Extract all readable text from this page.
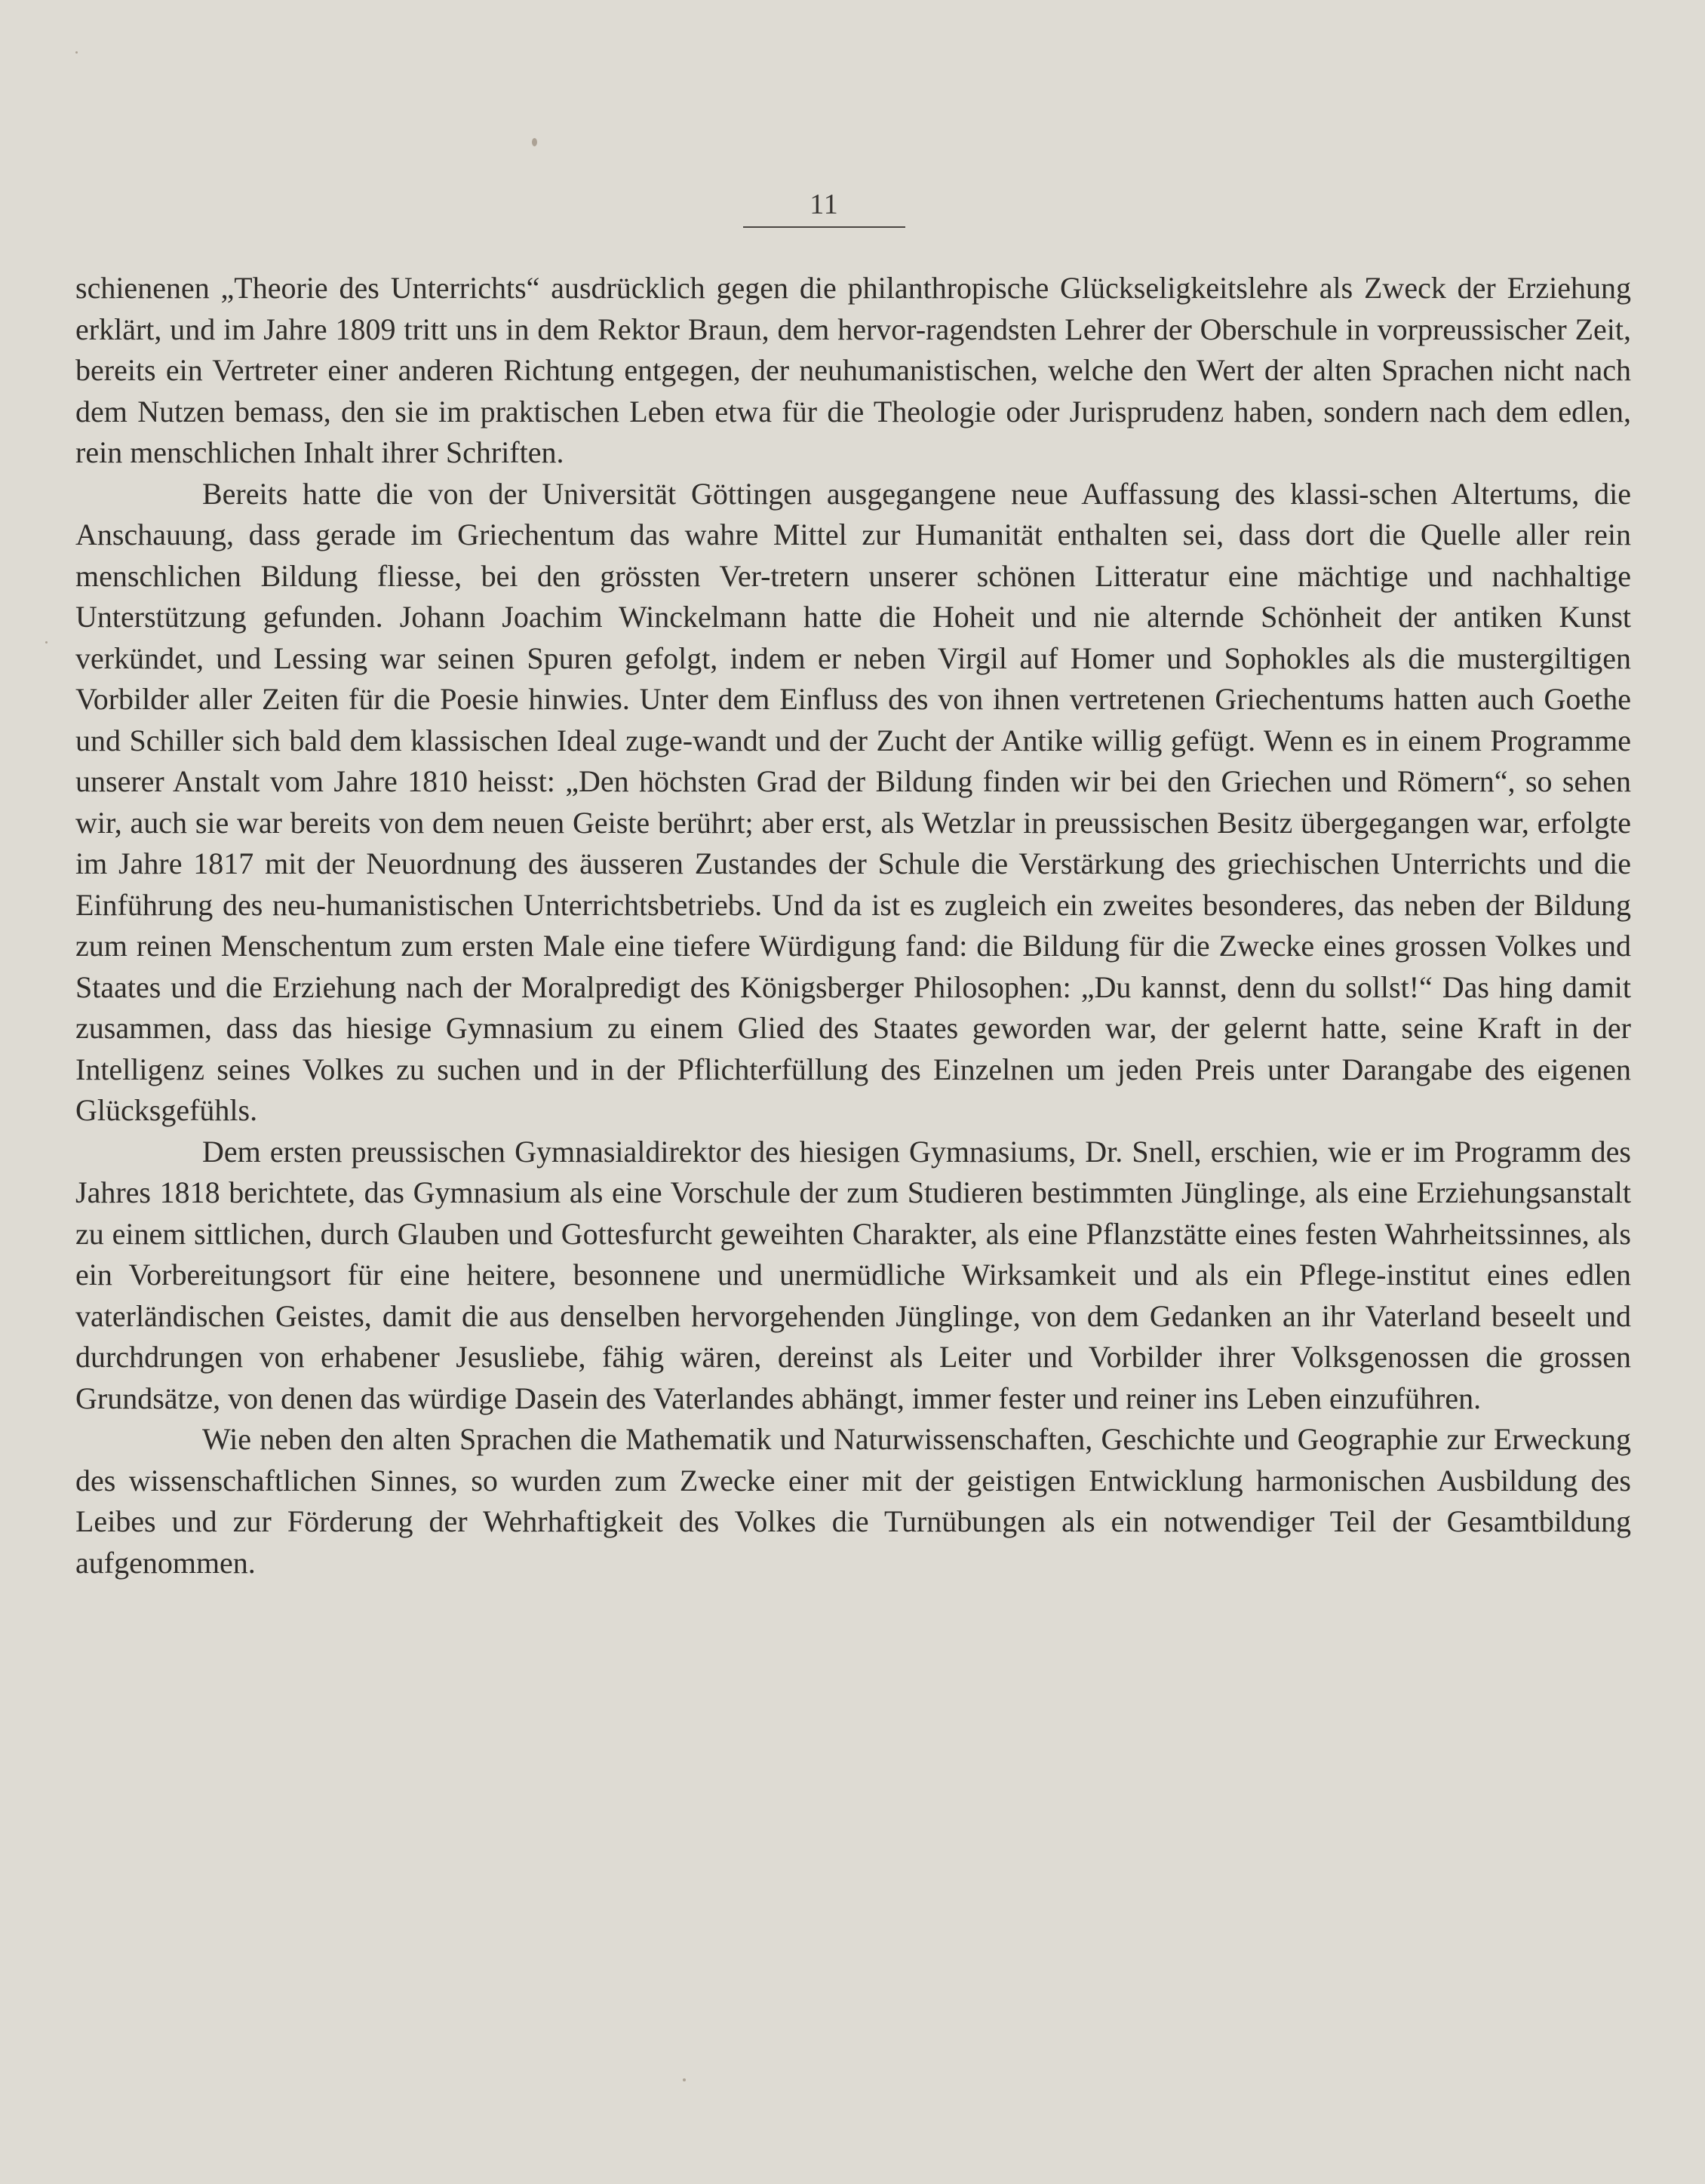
11

schienenen „Theorie des Unterrichts“ ausdrücklich gegen die philanthropische Glückseligkeitslehre als Zweck der Erziehung erklärt, und im Jahre 1809 tritt uns in dem Rektor Braun, dem hervor-ragendsten Lehrer der Oberschule in vorpreussischer Zeit, bereits ein Vertreter einer anderen Richtung entgegen, der neuhumanistischen, welche den Wert der alten Sprachen nicht nach dem Nutzen bemass, den sie im praktischen Leben etwa für die Theologie oder Jurisprudenz haben, sondern nach dem edlen, rein menschlichen Inhalt ihrer Schriften.

Bereits hatte die von der Universität Göttingen ausgegangene neue Auffassung des klassi-schen Altertums, die Anschauung, dass gerade im Griechentum das wahre Mittel zur Humanität enthalten sei, dass dort die Quelle aller rein menschlichen Bildung fliesse, bei den grössten Ver-tretern unserer schönen Litteratur eine mächtige und nachhaltige Unterstützung gefunden. Johann Joachim Winckelmann hatte die Hoheit und nie alternde Schönheit der antiken Kunst verkündet, und Lessing war seinen Spuren gefolgt, indem er neben Virgil auf Homer und Sophokles als die mustergiltigen Vorbilder aller Zeiten für die Poesie hinwies. Unter dem Einfluss des von ihnen vertretenen Griechentums hatten auch Goethe und Schiller sich bald dem klassischen Ideal zuge-wandt und der Zucht der Antike willig gefügt. Wenn es in einem Programme unserer Anstalt vom Jahre 1810 heisst: „Den höchsten Grad der Bildung finden wir bei den Griechen und Römern“, so sehen wir, auch sie war bereits von dem neuen Geiste berührt; aber erst, als Wetzlar in preussischen Besitz übergegangen war, erfolgte im Jahre 1817 mit der Neuordnung des äusseren Zustandes der Schule die Verstärkung des griechischen Unterrichts und die Einführung des neu-humanistischen Unterrichtsbetriebs. Und da ist es zugleich ein zweites besonderes, das neben der Bildung zum reinen Menschentum zum ersten Male eine tiefere Würdigung fand: die Bildung für die Zwecke eines grossen Volkes und Staates und die Erziehung nach der Moralpredigt des Königsberger Philosophen: „Du kannst, denn du sollst!“ Das hing damit zusammen, dass das hiesige Gymnasium zu einem Glied des Staates geworden war, der gelernt hatte, seine Kraft in der Intelligenz seines Volkes zu suchen und in der Pflichterfüllung des Einzelnen um jeden Preis unter Darangabe des eigenen Glücksgefühls.

Dem ersten preussischen Gymnasialdirektor des hiesigen Gymnasiums, Dr. Snell, erschien, wie er im Programm des Jahres 1818 berichtete, das Gymnasium als eine Vorschule der zum Studieren bestimmten Jünglinge, als eine Erziehungsanstalt zu einem sittlichen, durch Glauben und Gottesfurcht geweihten Charakter, als eine Pflanzstätte eines festen Wahrheitssinnes, als ein Vorbereitungsort für eine heitere, besonnene und unermüdliche Wirksamkeit und als ein Pflege-institut eines edlen vaterländischen Geistes, damit die aus denselben hervorgehenden Jünglinge, von dem Gedanken an ihr Vaterland beseelt und durchdrungen von erhabener Jesusliebe, fähig wären, dereinst als Leiter und Vorbilder ihrer Volksgenossen die grossen Grundsätze, von denen das würdige Dasein des Vaterlandes abhängt, immer fester und reiner ins Leben einzuführen.

Wie neben den alten Sprachen die Mathematik und Naturwissenschaften, Geschichte und Geographie zur Erweckung des wissenschaftlichen Sinnes, so wurden zum Zwecke einer mit der geistigen Entwicklung harmonischen Ausbildung des Leibes und zur Förderung der Wehrhaftigkeit des Volkes die Turnübungen als ein notwendiger Teil der Gesamtbildung aufgenommen.
